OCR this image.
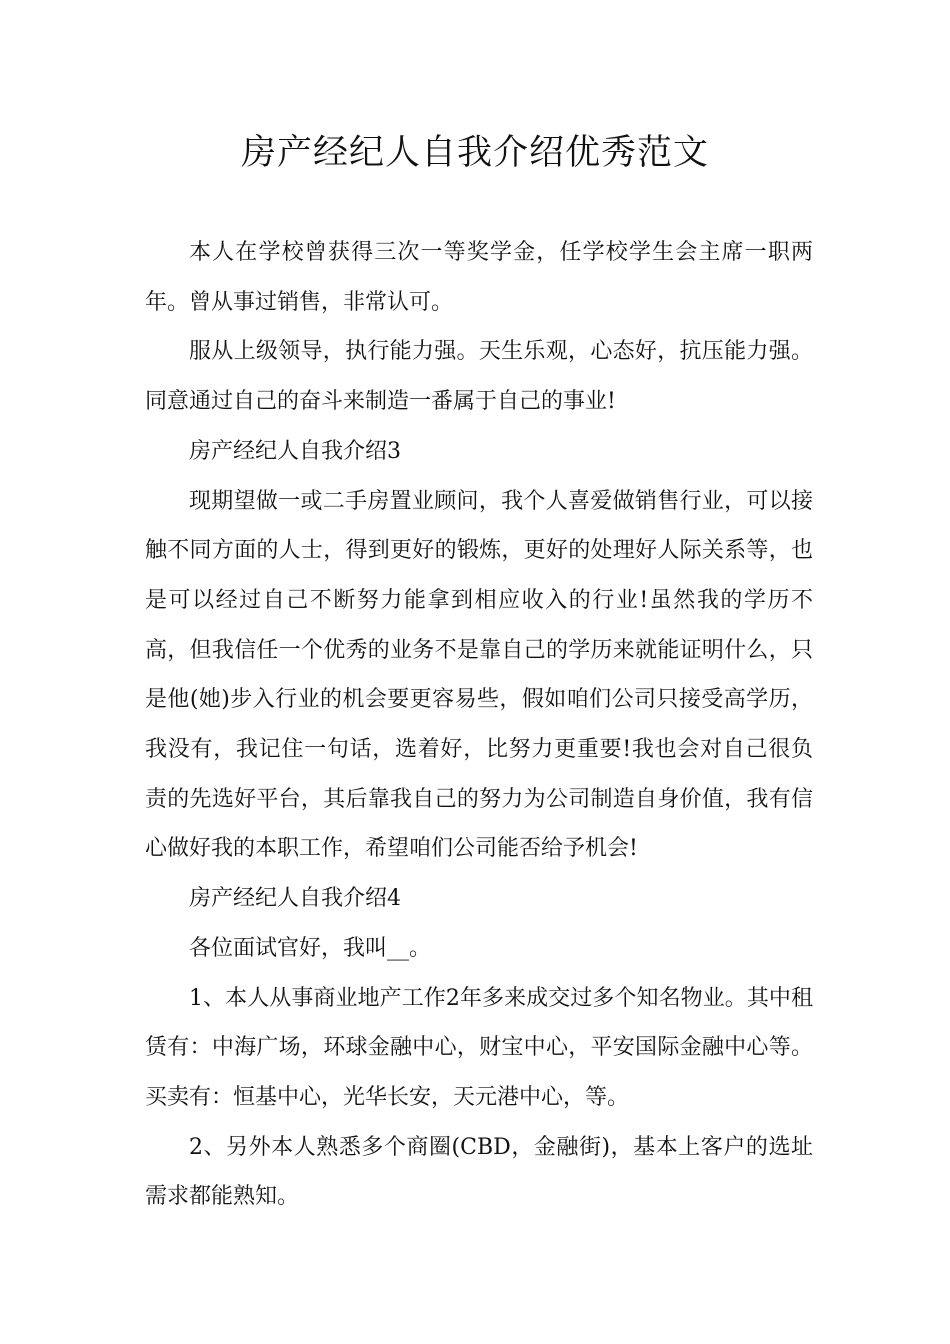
房产经纪人自我介绍优秀范文

本人在学校曾获得三次一等奖学金，任学校学生会主席一职两年。曾从事过销售，非常认可。

服从上级领导，执行能力强。天生乐观，心态好，抗压能力强。同意通过自己的奋斗来制造一番属于自己的事业!

房产经纪人自我介绍3

现期望做一或二手房置业顾问，我个人喜爱做销售行业，可以接触不同方面的人士，得到更好的锻炼，更好的处理好人际关系等，也是可以经过自己不断努力能拿到相应收入的行业!虽然我的学历不高，但我信任一个优秀的业务不是靠自己的学历来就能证明什么，只是他(她)步入行业的机会要更容易些，假如咱们公司只接受高学历，我没有，我记住一句话，选着好，比努力更重要!我也会对自己很负责的先选好平台，其后靠我自己的努力为公司制造自身价值，我有信心做好我的本职工作，希望咱们公司能否给予机会!

房产经纪人自我介绍4

各位面试官好，我叫__。

1、本人从事商业地产工作2年多来成交过多个知名物业。其中租赁有：中海广场，环球金融中心，财宝中心，平安国际金融中心等。买卖有：恒基中心，光华长安，天元港中心，等。

2、另外本人熟悉多个商圈(CBD，金融街)，基本上客户的选址需求都能熟知。
